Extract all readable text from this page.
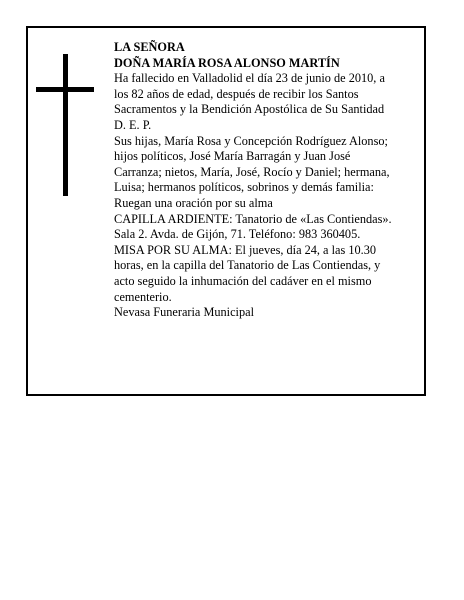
LA SEÑORA
DOÑA MARÍA ROSA ALONSO MARTÍN
Ha fallecido en Valladolid el día 23 de junio de 2010, a
los 82 años de edad, después de recibir los Santos
Sacramentos y la Bendición Apostólica de Su Santidad
D. E. P.
Sus hijas, María Rosa y Concepción Rodríguez Alonso;
hijos políticos, José María Barragán y Juan José
Carranza; nietos, María, José, Rocío y Daniel; hermana,
Luisa; hermanos políticos, sobrinos y demás familia:
Ruegan una oración por su alma
CAPILLA ARDIENTE: Tanatorio de «Las Contiendas».
Sala 2. Avda. de Gijón, 71. Teléfono: 983 360405.
MISA POR SU ALMA: El jueves, día 24, a las 10.30
horas, en la capilla del Tanatorio de Las Contiendas, y
acto seguido la inhumación del cadáver en el mismo
cementerio.
Nevasa Funeraria Municipal
